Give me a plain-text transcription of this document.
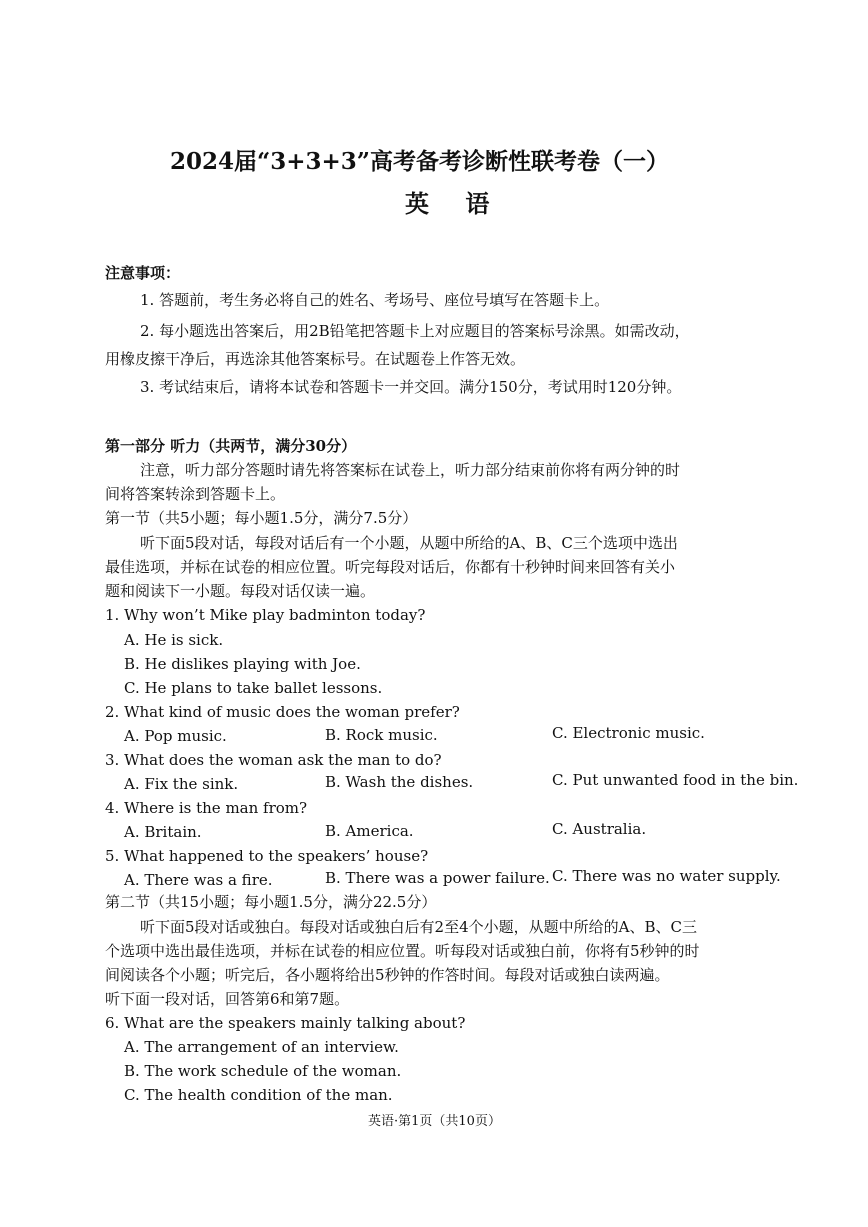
2024届“3+3+3”高考备考诊断性联考卷（一）
英 语
注意事项：
1. 答题前，考生务必将自己的姓名、考场号、座位号填写在答题卡上。
2. 每小题选出答案后，用2B铅笔把答题卡上对应题目的答案标号涂黑。如需改动，
用橡皮擦干净后，再选涂其他答案标号。在试题卷上作答无效。
3. 考试结束后，请将本试卷和答题卡一并交回。满分150分，考试用时120分钟。
第一部分 听力（共两节，满分30分）
注意，听力部分答题时请先将答案标在试卷上，听力部分结束前你将有两分钟的时
间将答案转涂到答题卡上。
第一节（共5小题；每小题1.5分，满分7.5分）
听下面5段对话，每段对话后有一个小题，从题中所给的A、B、C三个选项中选出
最佳选项，并标在试卷的相应位置。听完每段对话后，你都有十秒钟时间来回答有关小
题和阅读下一小题。每段对话仅读一遍。
1. Why won’t Mike play badminton today?
A. He is sick.
B. He dislikes playing with Joe.
C. He plans to take ballet lessons.
2. What kind of music does the woman prefer?
A. Pop music.	B. Rock music.	C. Electronic music.
3. What does the woman ask the man to do?
A. Fix the sink.	B. Wash the dishes.	C. Put unwanted food in the bin.
4. Where is the man from?
A. Britain.	B. America.	C. Australia.
5. What happened to the speakers’ house?
A. There was a fire.	B. There was a power failure. C. There was no water supply.
第二节（共15小题；每小题1.5分，满分22.5分）
听下面5段对话或独白。每段对话或独白后有2至4个小题，从题中所给的A、B、C三
个选项中选出最佳选项，并标在试卷的相应位置。听每段对话或独白前，你将有5秒钟的时
间阅读各个小题；听完后，各小题将给出5秒钟的作答时间。每段对话或独白读两遍。
听下面一段对话，回答第6和第7题。
6. What are the speakers mainly talking about?
A. The arrangement of an interview.
B. The work schedule of the woman.
C. The health condition of the man.
英语·第1页（共10页）
